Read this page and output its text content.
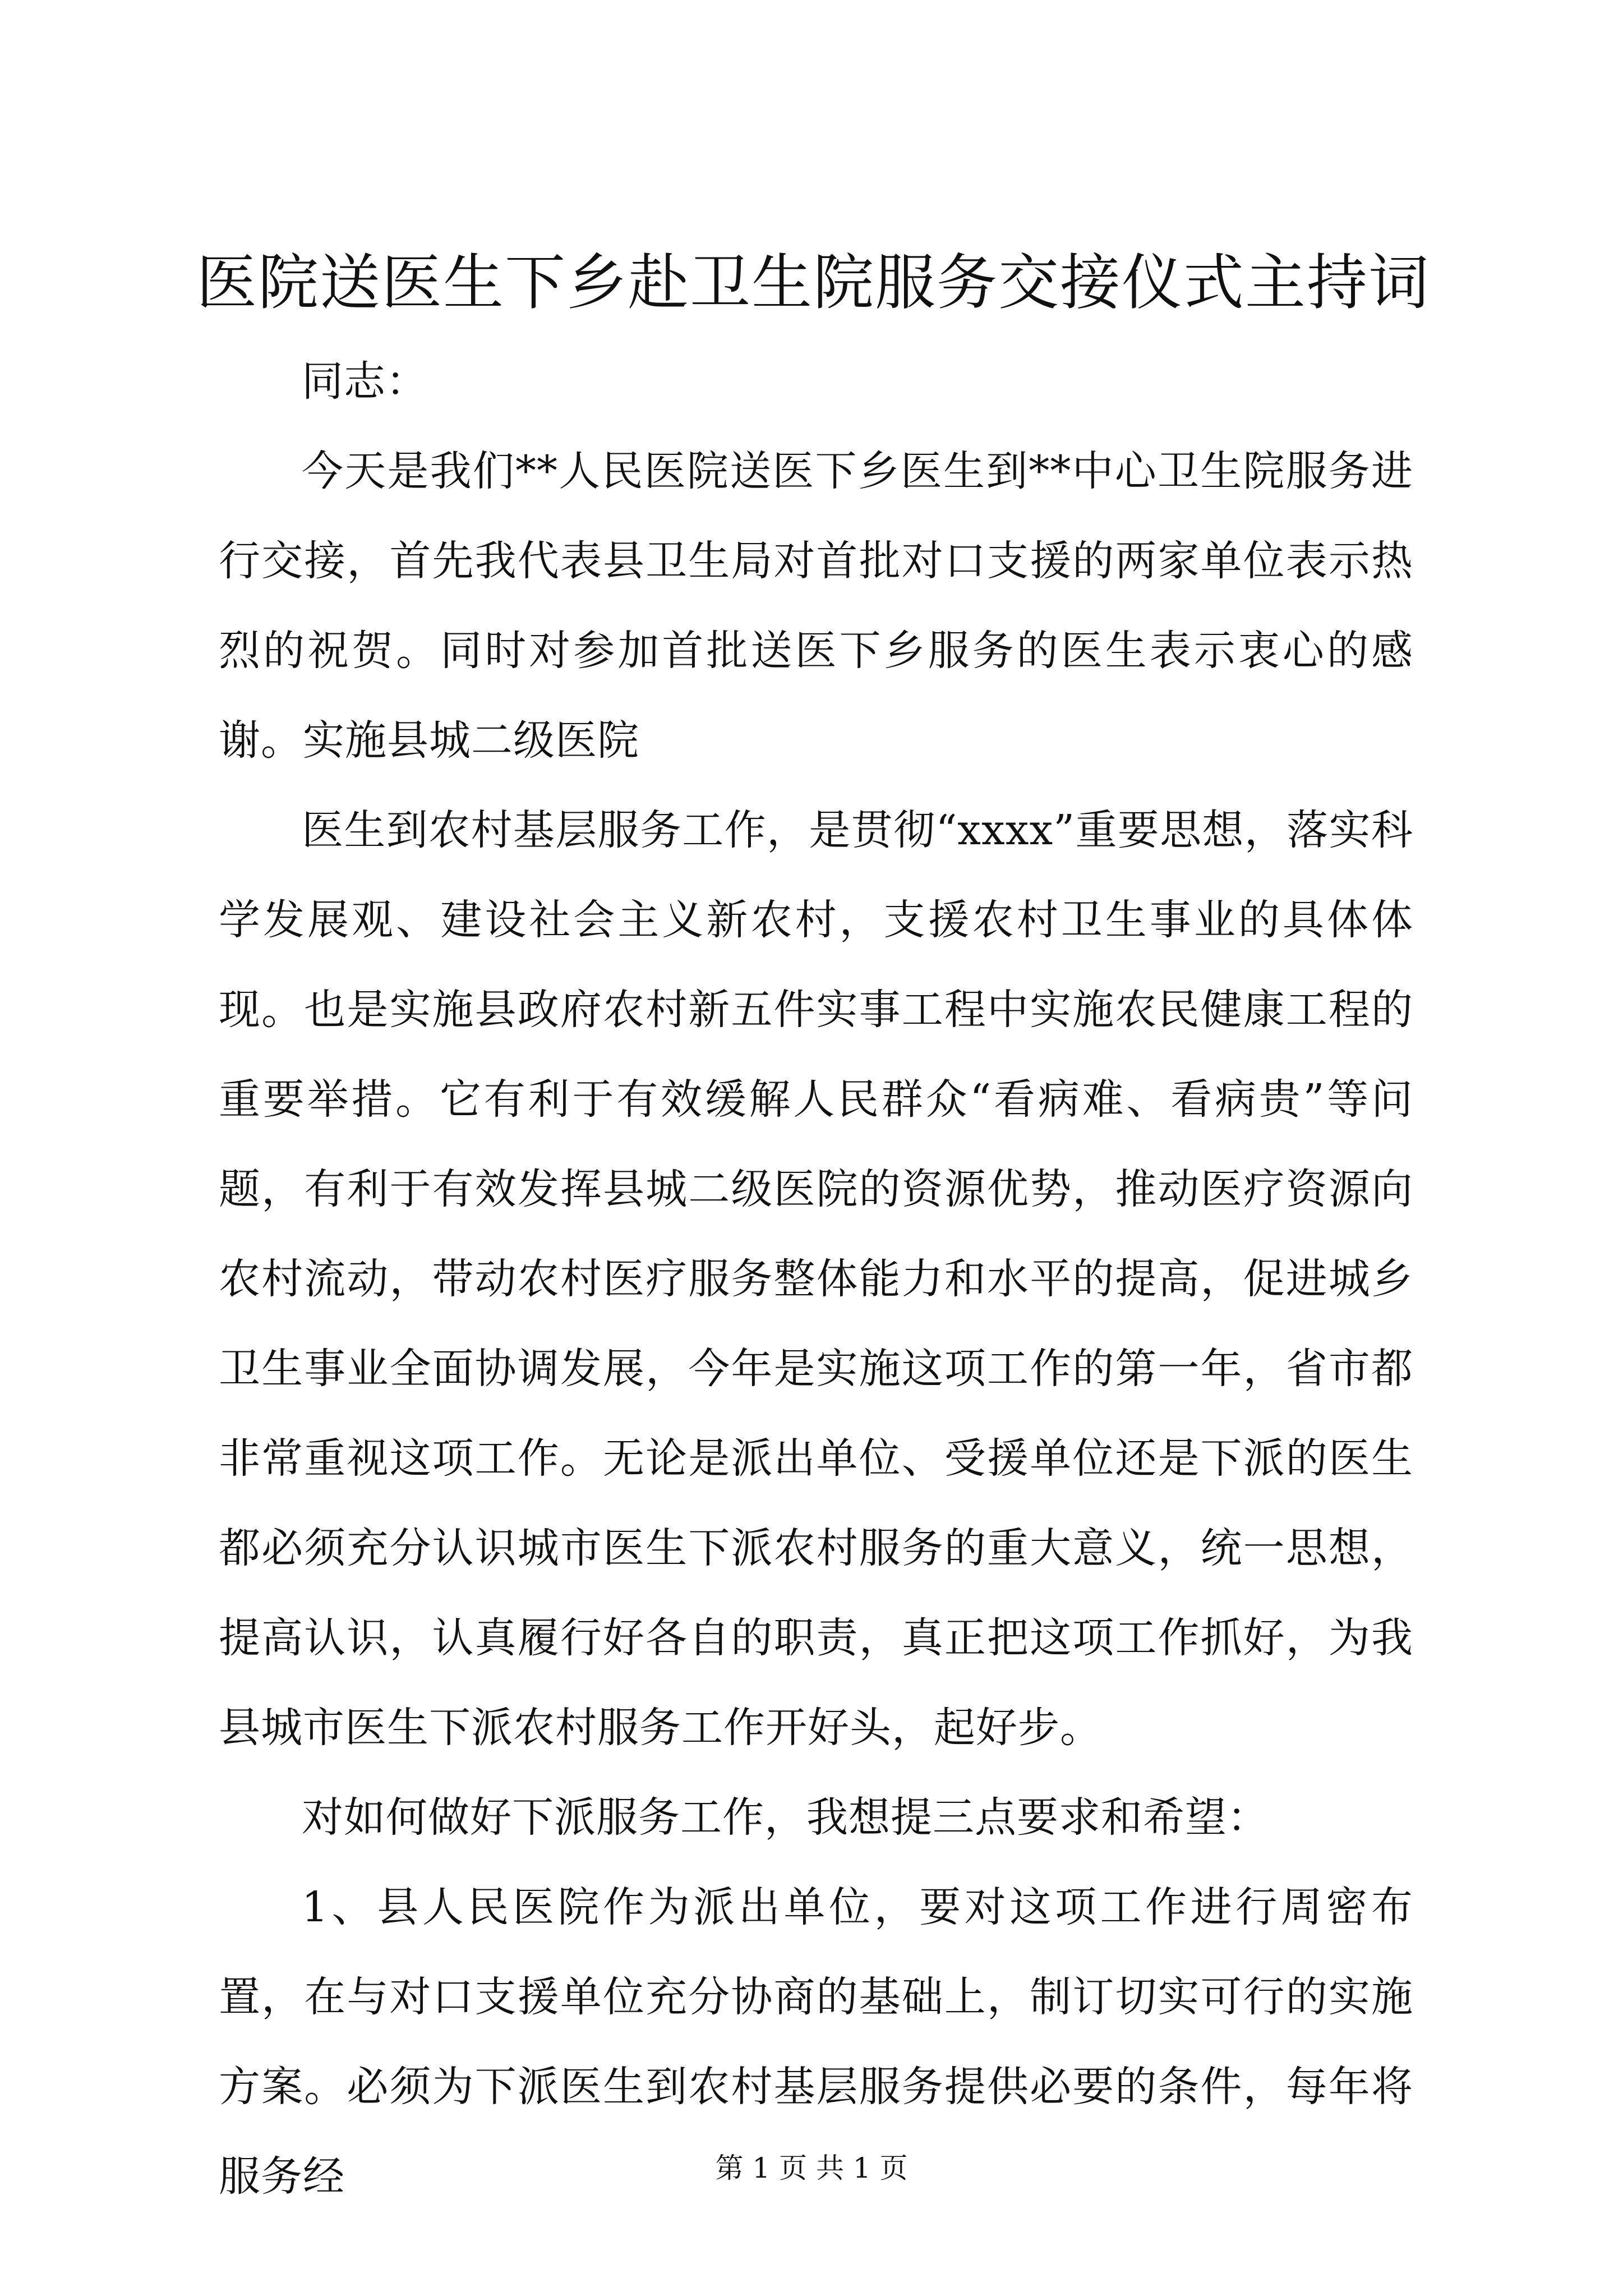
医院送医生下乡赴卫生院服务交接仪式主持词

同志：

今天是我们**人民医院送医下乡医生到**中心卫生院服务进行交接，首先我代表县卫生局对首批对口支援的两家单位表示热烈的祝贺。同时对参加首批送医下乡服务的医生表示衷心的感谢。实施县城二级医院

医生到农村基层服务工作，是贯彻“xxxx”重要思想，落实科学发展观、建设社会主义新农村，支援农村卫生事业的具体体现。也是实施县政府农村新五件实事工程中实施农民健康工程的重要举措。它有利于有效缓解人民群众“看病难、看病贵”等问题，有利于有效发挥县城二级医院的资源优势，推动医疗资源向农村流动，带动农村医疗服务整体能力和水平的提高，促进城乡卫生事业全面协调发展，今年是实施这项工作的第一年，省市都非常重视这项工作。无论是派出单位、受援单位还是下派的医生都必须充分认识城市医生下派农村服务的重大意义，统一思想，提高认识，认真履行好各自的职责，真正把这项工作抓好，为我县城市医生下派农村服务工作开好头，起好步。

对如何做好下派服务工作，我想提三点要求和希望：

1、县人民医院作为派出单位，要对这项工作进行周密布置，在与对口支援单位充分协商的基础上，制订切实可行的实施方案。必须为下派医生到农村基层服务提供必要的条件，每年将服务经	第 1 页 共 1 页
